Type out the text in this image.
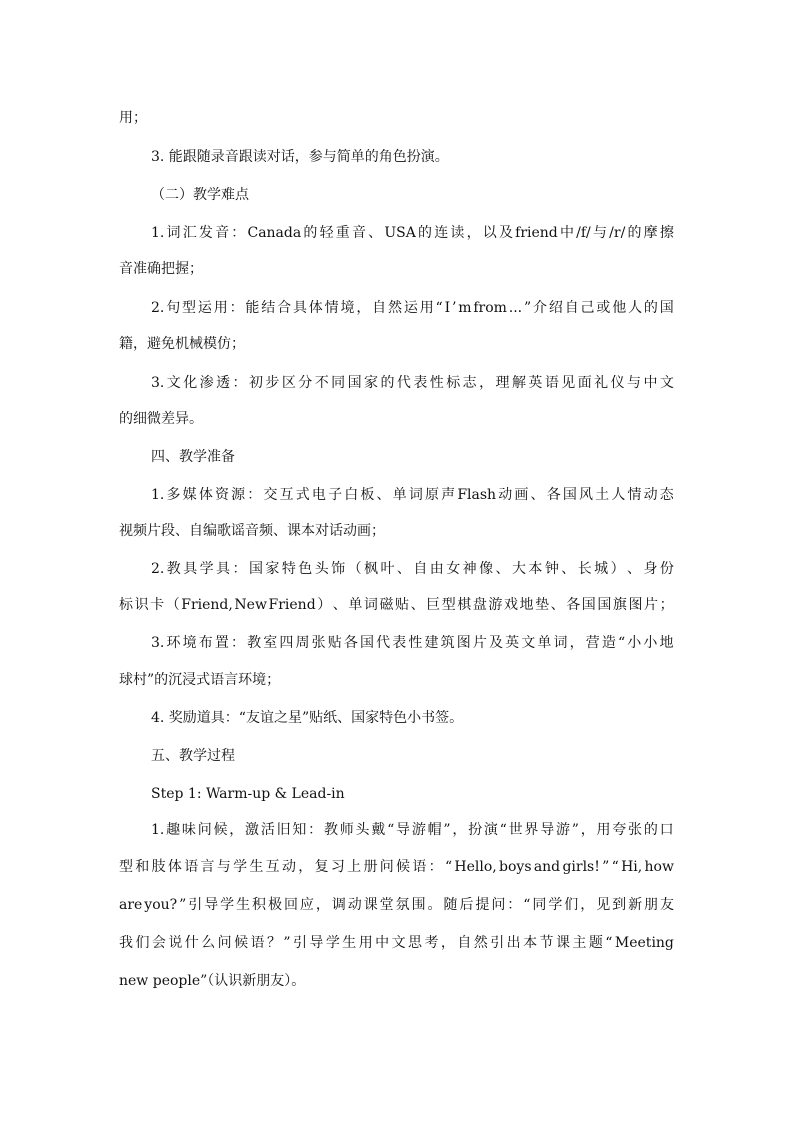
用；
3. 能跟随录音跟读对话，参与简单的角色扮演。
（二）教学难点
1. 词 汇 发 音 ： Canada 的 轻 重 音 、 USA 的 连 读 ， 以 及 friend 中 /f/ 与 /r/ 的 摩 擦
音准确把握；
2. 句 型 运 用 ： 能 结 合 具 体 情 境 ， 自 然 运 用 “ I ’ m from ... ” 介 绍 自 己 或 他 人 的 国
籍，避免机械模仿；
3. 文 化 渗 透 ： 初 步 区 分 不 同 国 家 的 代 表 性 标 志 ， 理 解 英 语 见 面 礼 仪 与 中 文
的细微差异。
四、教学准备
1. 多 媒 体 资 源 ： 交 互 式 电 子 白 板 、 单 词 原 声 Flash 动 画 、 各 国 风 土 人 情 动 态
视频片段、自编歌谣音频、课本对话动画；
2. 教 具 学 具 ： 国 家 特 色 头 饰 （ 枫 叶 、 自 由 女 神 像 、 大 本 钟 、 长 城 ） 、 身 份
标 识 卡 （ Friend, New Friend ） 、 单 词 磁 贴 、 巨 型 棋 盘 游 戏 地 垫 、 各 国 国 旗 图 片 ；
3. 环 境 布 置 ： 教 室 四 周 张 贴 各 国 代 表 性 建 筑 图 片 及 英 文 单 词 ， 营 造 “ 小 小 地
球村”的沉浸式语言环境；
4. 奖励道具：“友谊之星”贴纸、国家特色小书签。
五、教学过程
Step 1: Warm-up & Lead-in
1. 趣 味 问 候 ， 激 活 旧 知 ： 教 师 头 戴 “ 导 游 帽 ” ， 扮 演 “ 世 界 导 游 ” ， 用 夸 张 的 口
型 和 肢 体 语 言 与 学 生 互 动 ， 复 习 上 册 问 候 语 ： “ Hello, boys and girls! ” “ Hi, how
are you? ” 引 导 学 生 积 极 回 应 ， 调 动 课 堂 氛 围 。 随 后 提 问 ： “ 同 学 们 ， 见 到 新 朋 友
我 们 会 说 什 么 问 候 语 ？ ” 引 导 学 生 用 中 文 思 考 ， 自 然 引 出 本 节 课 主 题 “ Meeting
new people”（认识新朋友）。
